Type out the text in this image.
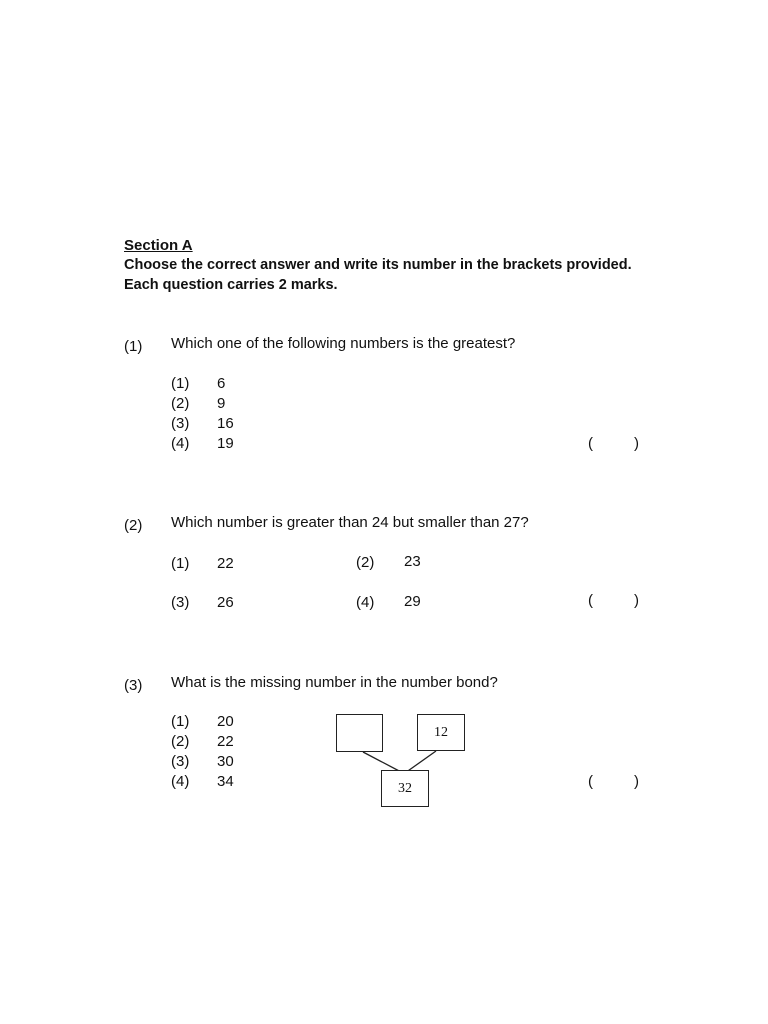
Section A
Choose the correct answer and write its number in the brackets provided.
Each question carries 2 marks.
(1) Which one of the following numbers is the greatest?
(1) 6
(2) 9
(3) 16
(4) 19	(	)
(2) Which number is greater than 24 but smaller than 27?
(1) 22	(2) 23
(3) 26	(4) 29	(	)
(3) What is the missing number in the number bond?
(1) 20
(2) 22
(3) 30
(4) 34
12
32	(	)
